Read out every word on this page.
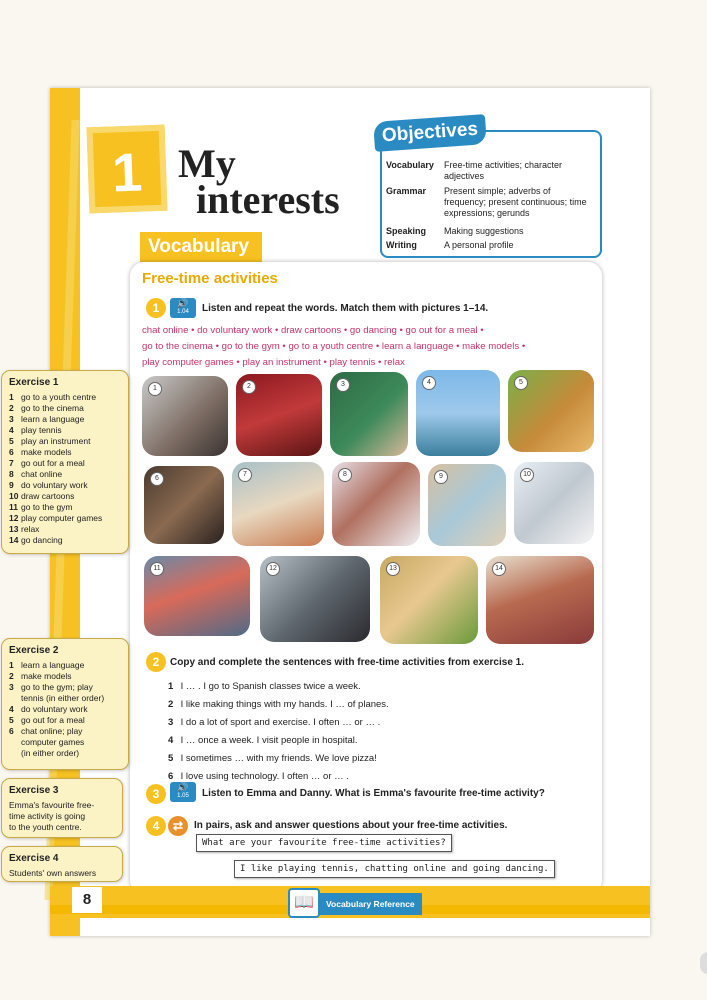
1 My
interests
Vocabulary
Objectives
Vocabulary	Free-time activities; character adjectives
Grammar	Present simple; adverbs of frequency; present continuous; time expressions; gerunds
Speaking	Making suggestions
Writing	A personal profile
Free-time activities
1	🔊
1.04	Listen and repeat the words. Match them with pictures 1–14.
chat online • do voluntary work • draw cartoons • go dancing • go out for a meal •
go to the cinema • go to the gym • go to a youth centre • learn a language • make models •
play computer games • play an instrument • play tennis • relax
1	2	3	4	5
6
7	8	9	10
11	12	13	14
2	Copy and complete the sentences with free-time activities from exercise 1.
1 I … . I go to Spanish classes twice a week.
2 I like making things with my hands. I … of planes.
3 I do a lot of sport and exercise. I often … or … .
4 I … once a week. I visit people in hospital.
5 I sometimes … with my friends. We love pizza!
6 I love using technology. I often … or … .
3	🔊
1.05	Listen to Emma and Danny. What is Emma's favourite free-time activity?
4	⇄	In pairs, ask and answer questions about your free-time activities.
What are your favourite free-time activities?
I like playing tennis, chatting online and going dancing.
Exercise 1
1 go to a youth centre
2 go to the cinema
3 learn a language
4 play tennis
5 play an instrument
6 make models
7 go out for a meal
8 chat online
9 do voluntary work
10 draw cartoons
11 go to the gym
12 play computer games
13 relax
14 go dancing
Exercise 2
1 learn a language
2 make models
3 go to the gym; play
tennis (in either order)
4 do voluntary work
5 go out for a meal
6 chat online; play
computer games
(in either order)
Exercise 3
Emma's favourite free-
time activity is going
to the youth centre.
Exercise 4
Students' own answers
8	Vocabulary Reference
📖
